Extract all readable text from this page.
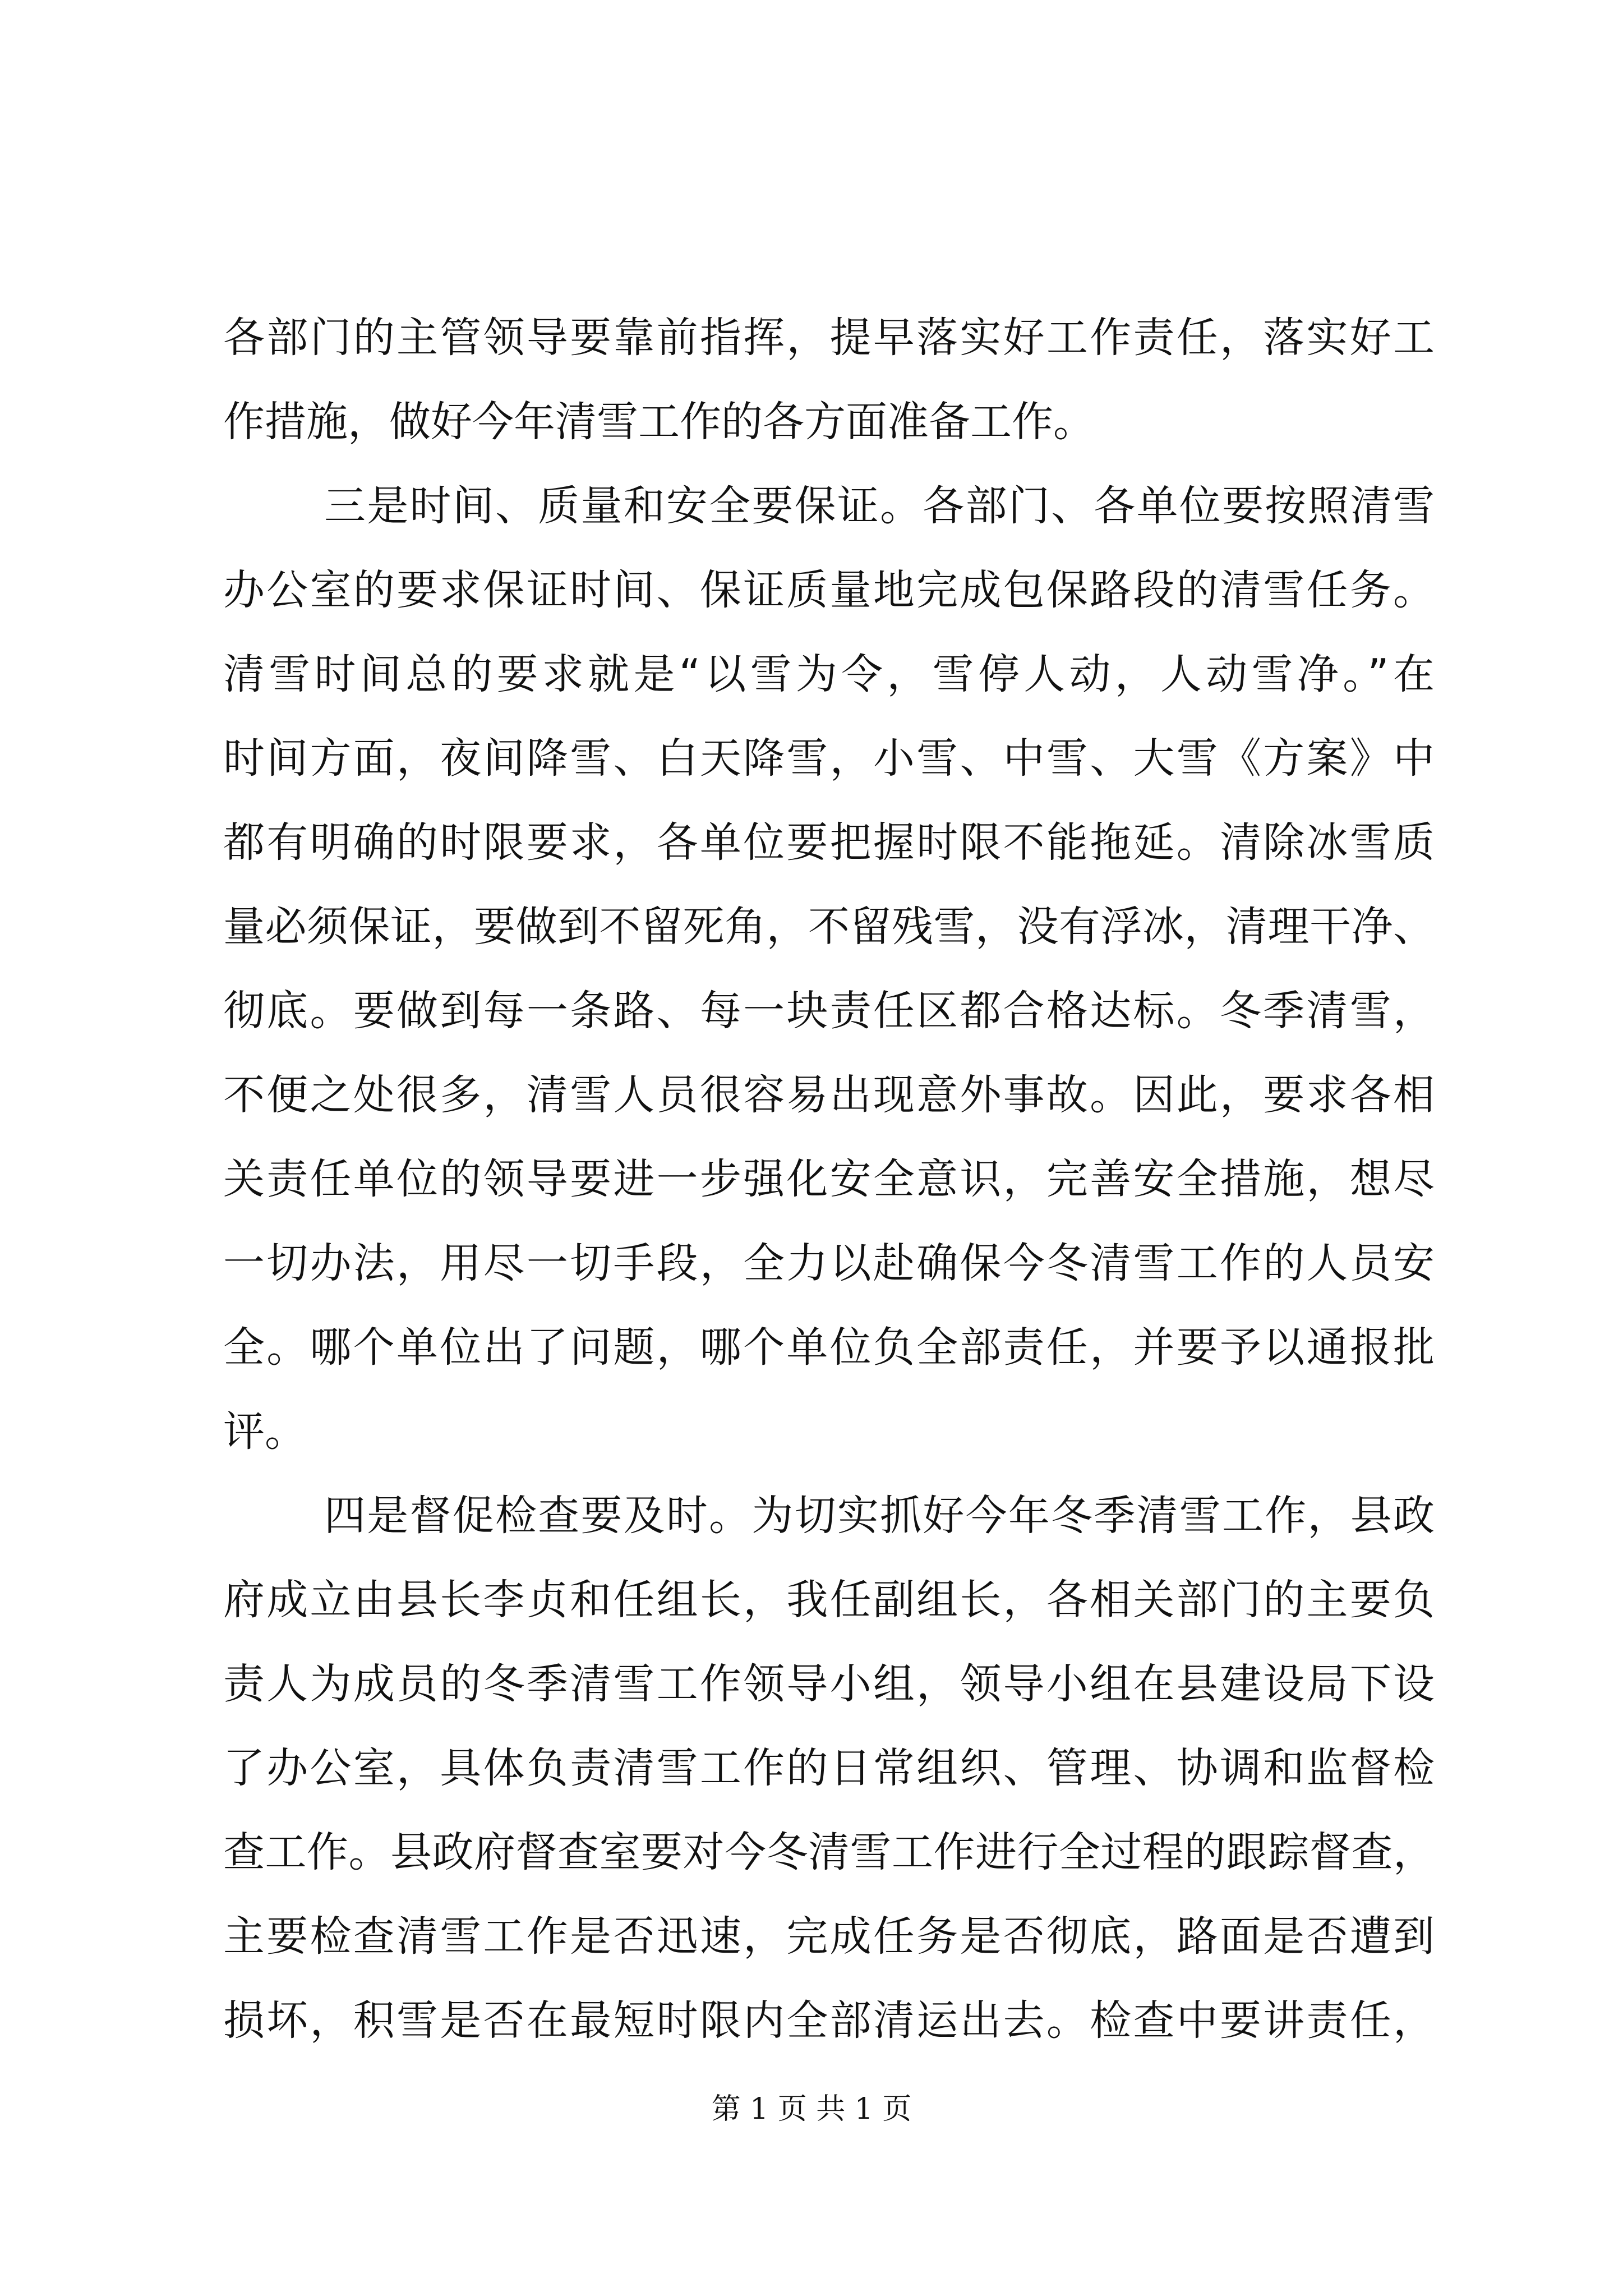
各部门的主管领导要靠前指挥，提早落实好工作责任，落实好工
作措施，做好今年清雪工作的各方面准备工作。
三是时间、质量和安全要保证。各部门、各单位要按照清雪
办公室的要求保证时间、保证质量地完成包保路段的清雪任务。
清雪时间总的要求就是“以雪为令，雪停人动，人动雪净。”在
时间方面，夜间降雪、白天降雪，小雪、中雪、大雪《方案》中
都有明确的时限要求，各单位要把握时限不能拖延。清除冰雪质
量必须保证，要做到不留死角，不留残雪，没有浮冰，清理干净、
彻底。要做到每一条路、每一块责任区都合格达标。冬季清雪，
不便之处很多，清雪人员很容易出现意外事故。因此，要求各相
关责任单位的领导要进一步强化安全意识，完善安全措施，想尽
一切办法，用尽一切手段，全力以赴确保今冬清雪工作的人员安
全。哪个单位出了问题，哪个单位负全部责任，并要予以通报批
评。
四是督促检查要及时。为切实抓好今年冬季清雪工作，县政
府成立由县长李贞和任组长，我任副组长，各相关部门的主要负
责人为成员的冬季清雪工作领导小组，领导小组在县建设局下设
了办公室，具体负责清雪工作的日常组织、管理、协调和监督检
查工作。县政府督查室要对今冬清雪工作进行全过程的跟踪督查，
主要检查清雪工作是否迅速，完成任务是否彻底，路面是否遭到
损坏，积雪是否在最短时限内全部清运出去。检查中要讲责任，
第 1 页 共 1 页
